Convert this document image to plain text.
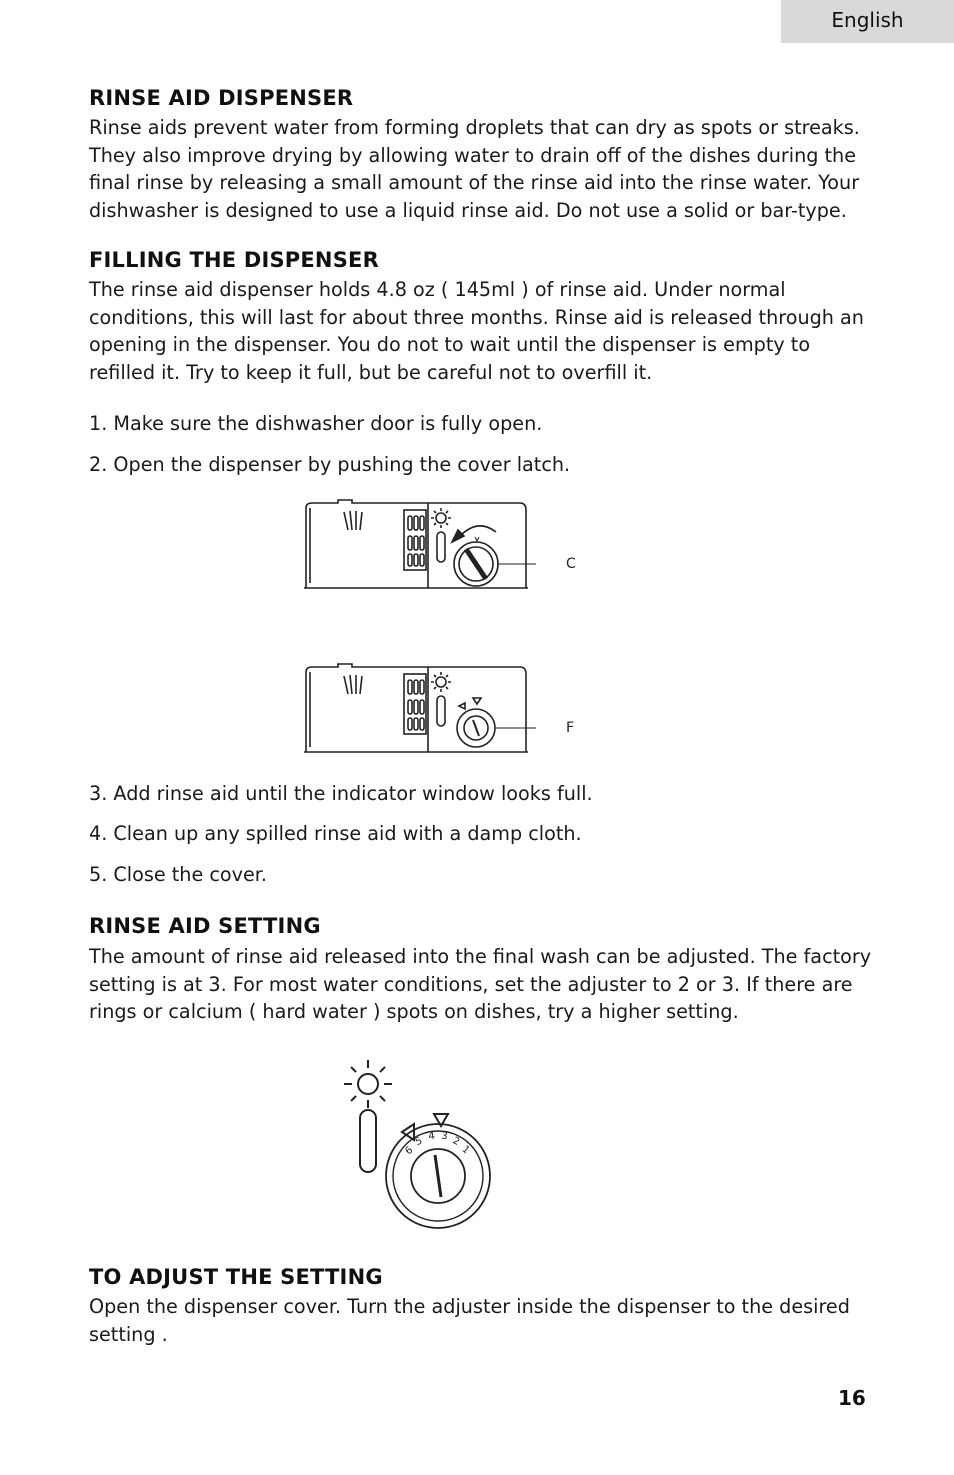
English
RINSE AID DISPENSER
Rinse aids prevent water from forming droplets that can dry as spots or streaks.
They also improve drying by allowing water to drain off of the dishes during the
final rinse by releasing a small amount of the rinse aid into the rinse water. Your
dishwasher is designed to use a liquid rinse aid. Do not use a solid or bar-type.
FILLING THE DISPENSER
The rinse aid dispenser holds 4.8 oz ( 145ml ) of rinse aid. Under normal
conditions, this will last for about three months. Rinse aid is released through an
opening in the dispenser. You do not to wait until the dispenser is empty to
refilled it. Try to keep it full, but be careful not to overfill it.
1. Make sure the dishwasher door is fully open.
2. Open the dispenser by pushing the cover latch.
C
F
3. Add rinse aid until the indicator window looks full.
4. Clean up any spilled rinse aid with a damp cloth.
5. Close the cover.
RINSE AID SETTING
The amount of rinse aid released into the final wash can be adjusted. The factory
setting is at 3. For most water conditions, set the adjuster to 2 or 3. If there are
rings or calcium ( hard water ) spots on dishes, try a higher setting.
6
5 4 3 2
1
TO ADJUST THE SETTING
Open the dispenser cover. Turn the adjuster inside the dispenser to the desired
setting .
16
